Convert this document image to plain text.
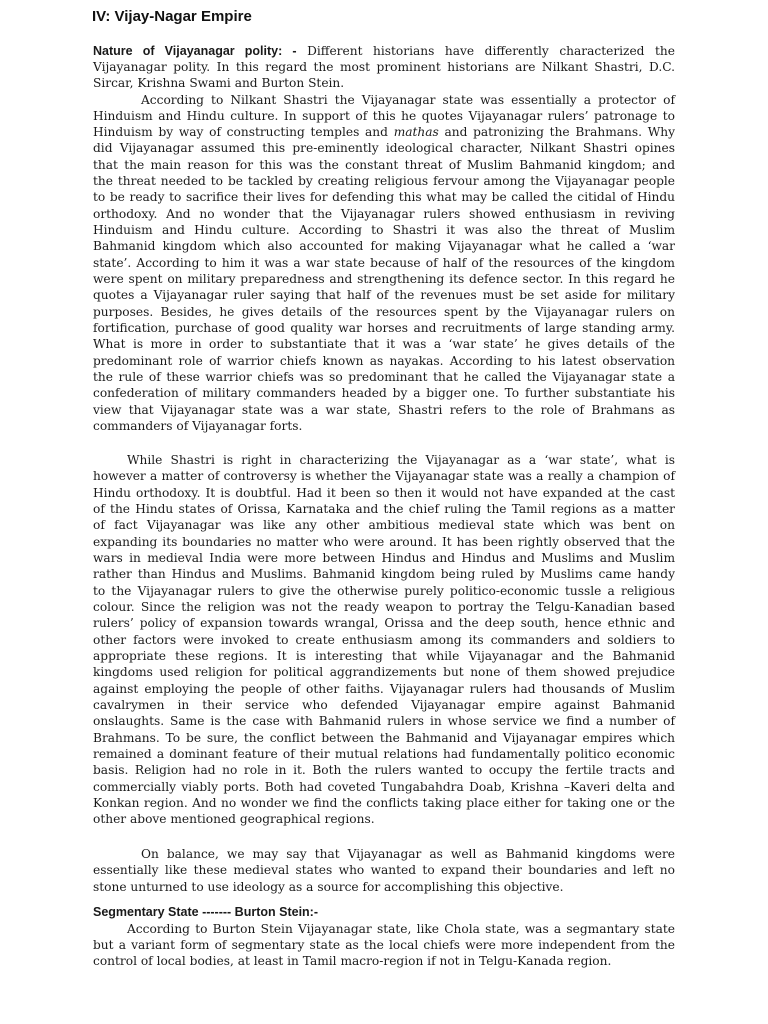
IV: Vijay-Nagar Empire
Nature of Vijayanagar polity: - Different historians have differently characterized the
Vijayanagar polity. In this regard the most prominent historians are Nilkant Shastri, D.C.
Sircar, Krishna Swami and Burton Stein.
According to Nilkant Shastri the Vijayanagar state was essentially a protector of
Hinduism and Hindu culture. In support of this he quotes Vijayanagar rulers’ patronage to
Hinduism by way of constructing temples and mathas and patronizing the Brahmans. Why
did Vijayanagar assumed this pre-eminently ideological character, Nilkant Shastri opines
that the main reason for this was the constant threat of Muslim Bahmanid kingdom; and
the threat needed to be tackled by creating religious fervour among the Vijayanagar people
to be ready to sacrifice their lives for defending this what may be called the citidal of Hindu
orthodoxy. And no wonder that the Vijayanagar rulers showed enthusiasm in reviving
Hinduism and Hindu culture. According to Shastri it was also the threat of Muslim
Bahmanid kingdom which also accounted for making Vijayanagar what he called a ‘war
state’. According to him it was a war state because of half of the resources of the kingdom
were spent on military preparedness and strengthening its defence sector. In this regard he
quotes a Vijayanagar ruler saying that half of the revenues must be set aside for military
purposes. Besides, he gives details of the resources spent by the Vijayanagar rulers on
fortification, purchase of good quality war horses and recruitments of large standing army.
What is more in order to substantiate that it was a ‘war state’ he gives details of the
predominant role of warrior chiefs known as nayakas. According to his latest observation
the rule of these warrior chiefs was so predominant that he called the Vijayanagar state a
confederation of military commanders headed by a bigger one. To further substantiate his
view that Vijayanagar state was a war state, Shastri refers to the role of Brahmans as
commanders of Vijayanagar forts.
While Shastri is right in characterizing the Vijayanagar as a ‘war state’, what is
however a matter of controversy is whether the Vijayanagar state was a really a champion of
Hindu orthodoxy. It is doubtful. Had it been so then it would not have expanded at the cast
of the Hindu states of Orissa, Karnataka and the chief ruling the Tamil regions as a matter
of fact Vijayanagar was like any other ambitious medieval state which was bent on
expanding its boundaries no matter who were around. It has been rightly observed that the
wars in medieval India were more between Hindus and Hindus and Muslims and Muslim
rather than Hindus and Muslims. Bahmanid kingdom being ruled by Muslims came handy
to the Vijayanagar rulers to give the otherwise purely politico-economic tussle a religious
colour. Since the religion was not the ready weapon to portray the Telgu-Kanadian based
rulers’ policy of expansion towards wrangal, Orissa and the deep south, hence ethnic and
other factors were invoked to create enthusiasm among its commanders and soldiers to
appropriate these regions. It is interesting that while Vijayanagar and the Bahmanid
kingdoms used religion for political aggrandizements but none of them showed prejudice
against employing the people of other faiths. Vijayanagar rulers had thousands of Muslim
cavalrymen in their service who defended Vijayanagar empire against Bahmanid
onslaughts. Same is the case with Bahmanid rulers in whose service we find a number of
Brahmans. To be sure, the conflict between the Bahmanid and Vijayanagar empires which
remained a dominant feature of their mutual relations had fundamentally politico economic
basis. Religion had no role in it. Both the rulers wanted to occupy the fertile tracts and
commercially viably ports. Both had coveted Tungabahdra Doab, Krishna –Kaveri delta and
Konkan region. And no wonder we find the conflicts taking place either for taking one or the
other above mentioned geographical regions.
On balance, we may say that Vijayanagar as well as Bahmanid kingdoms were
essentially like these medieval states who wanted to expand their boundaries and left no
stone unturned to use ideology as a source for accomplishing this objective.
Segmentary State ------- Burton Stein:-
According to Burton Stein Vijayanagar state, like Chola state, was a segmantary state
but a variant form of segmentary state as the local chiefs were more independent from the
control of local bodies, at least in Tamil macro-region if not in Telgu-Kanada region.
